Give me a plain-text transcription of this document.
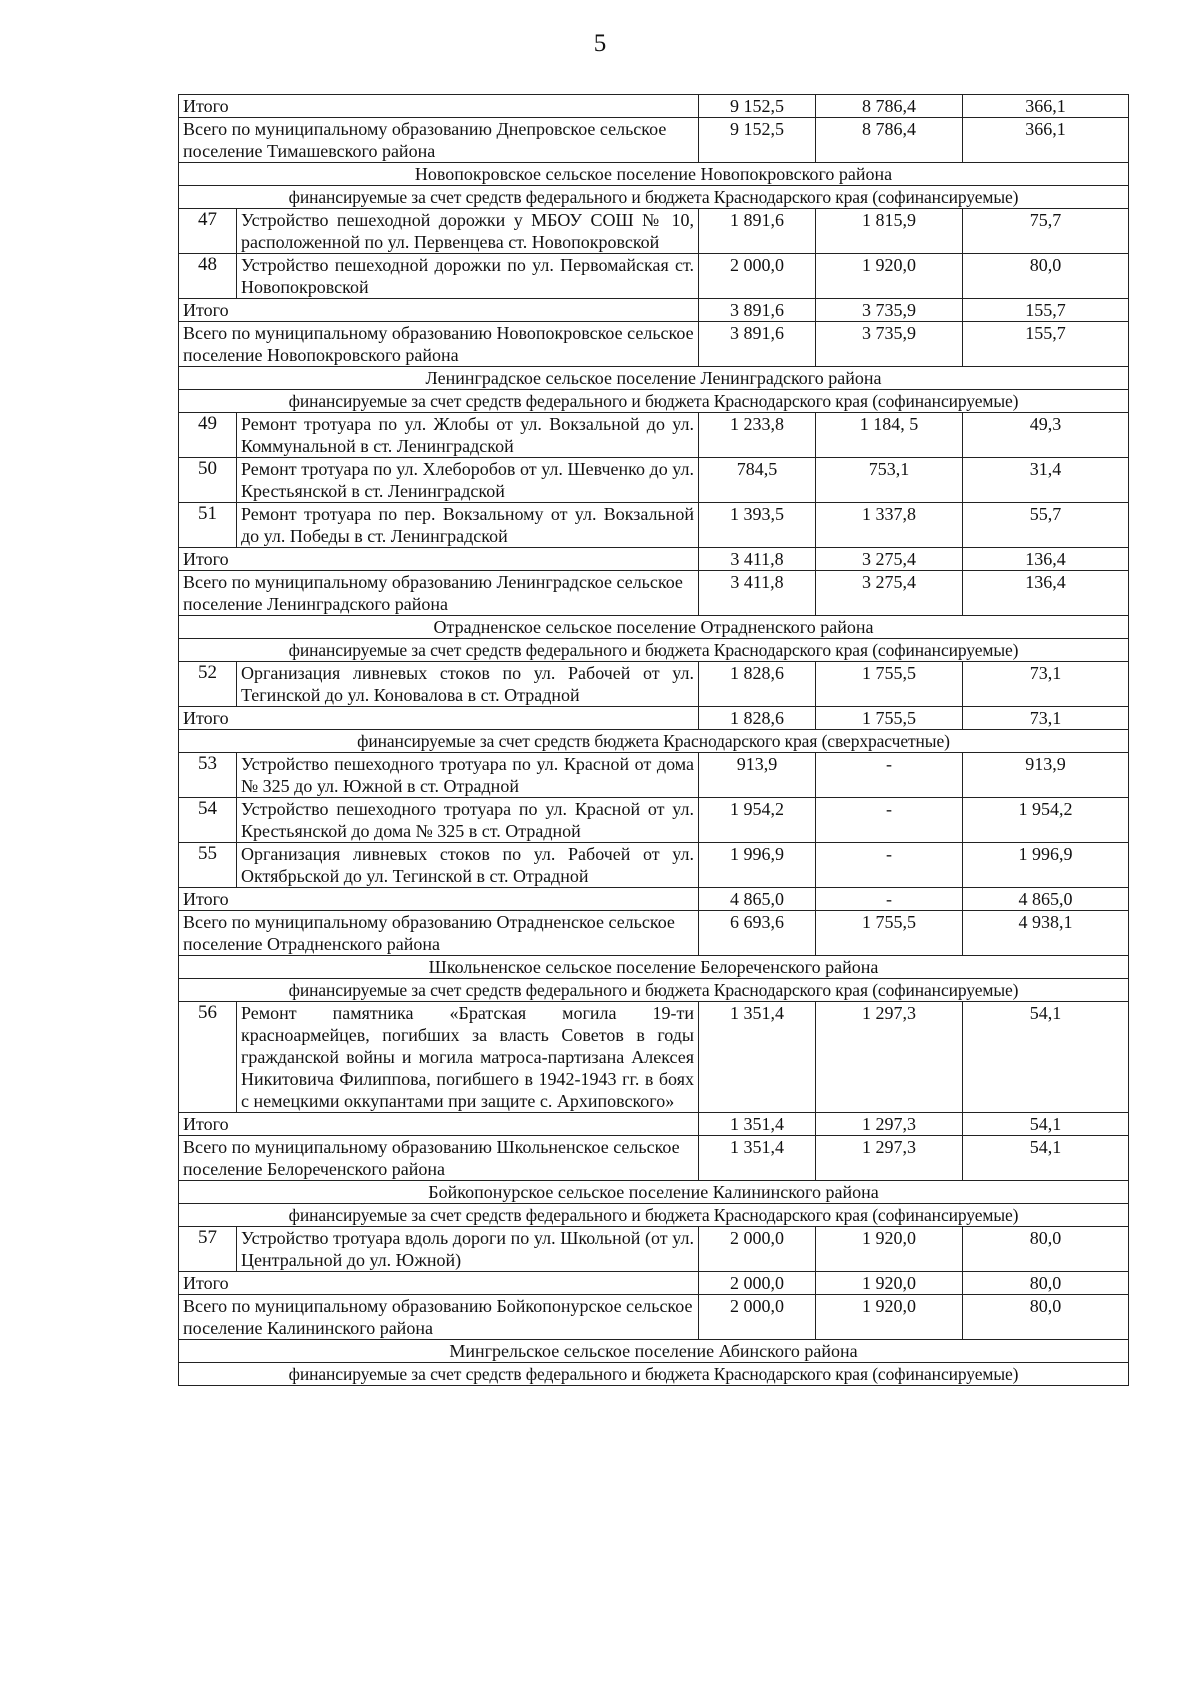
5
Итого		9 152,5	8 786,4	366,1
Всего по муниципальному образованию Днепровское сельское поселение Тимашевского района		9 152,5	8 786,4	366,1
Новопокровское сельское поселение Новопокровского района				
финансируемые за счет средств федерального и бюджета Краснодарского края (софинансируемые)				
47	Устройство пешеходной дорожки у МБОУ СОШ № 10, расположенной по ул. Первенцева ст. Новопокровской	1 891,6	1 815,9	75,7
48	Устройство пешеходной дорожки по ул. Первомайская ст. Новопокровской	2 000,0	1 920,0	80,0
Итого		3 891,6	3 735,9	155,7
Всего по муниципальному образованию Новопокровское сельское поселение Новопокровского района		3 891,6	3 735,9	155,7
Ленинградское сельское поселение Ленинградского района				
финансируемые за счет средств федерального и бюджета Краснодарского края (софинансируемые)				
49	Ремонт тротуара по ул. Жлобы от ул. Вокзальной до ул. Коммунальной в ст. Ленинградской	1 233,8	1 184, 5	49,3
50	Ремонт тротуара по ул. Хлеборобов от ул. Шевченко до ул. Крестьянской в ст. Ленинградской	784,5	753,1	31,4
51	Ремонт тротуара по пер. Вокзальному от ул. Вокзальной до ул. Победы в ст. Ленинградской	1 393,5	1 337,8	55,7
Итого		3 411,8	3 275,4	136,4
Всего по муниципальному образованию Ленинградское сельское поселение Ленинградского района		3 411,8	3 275,4	136,4
Отрадненское сельское поселение Отрадненского района				
финансируемые за счет средств федерального и бюджета Краснодарского края (софинансируемые)				
52	Организация ливневых стоков по ул. Рабочей от ул. Тегинской до ул. Коновалова в ст. Отрадной	1 828,6	1 755,5	73,1
Итого		1 828,6	1 755,5	73,1
финансируемые за счет средств бюджета Краснодарского края (сверхрасчетные)				
53	Устройство пешеходного тротуара по ул. Красной от дома № 325 до ул. Южной в ст. Отрадной	913,9	-	913,9
54	Устройство пешеходного тротуара по ул. Красной от ул. Крестьянской до дома № 325 в ст. Отрадной	1 954,2	-	1 954,2
55	Организация ливневых стоков по ул. Рабочей от ул. Октябрьской до ул. Тегинской в ст. Отрадной	1 996,9	-	1 996,9
Итого		4 865,0	-	4 865,0
Всего по муниципальному образованию Отрадненское сельское поселение Отрадненского района		6 693,6	1 755,5	4 938,1
Школьненское сельское поселение Белореченского района				
финансируемые за счет средств федерального и бюджета Краснодарского края (софинансируемые)				
56	Ремонт памятника «Братская могила 19-ти красноармейцев, погибших за власть Советов в годы гражданской войны и могила матроса-партизана Алексея Никитовича Филиппова, погибшего в 1942-1943 гг. в боях с немецкими оккупантами при защите с. Архиповского»	1 351,4	1 297,3	54,1
Итого		1 351,4	1 297,3	54,1
Всего по муниципальному образованию Школьненское сельское поселение Белореченского района		1 351,4	1 297,3	54,1
Бойкопонурское сельское поселение Калининского района				
финансируемые за счет средств федерального и бюджета Краснодарского края (софинансируемые)				
57	Устройство тротуара вдоль дороги по ул. Школьной (от ул. Центральной до ул. Южной)	2 000,0	1 920,0	80,0
Итого		2 000,0	1 920,0	80,0
Всего по муниципальному образованию Бойкопонурское сельское поселение Калининского района		2 000,0	1 920,0	80,0
Мингрельское сельское поселение Абинского района				
финансируемые за счет средств федерального и бюджета Краснодарского края (софинансируемые)				
